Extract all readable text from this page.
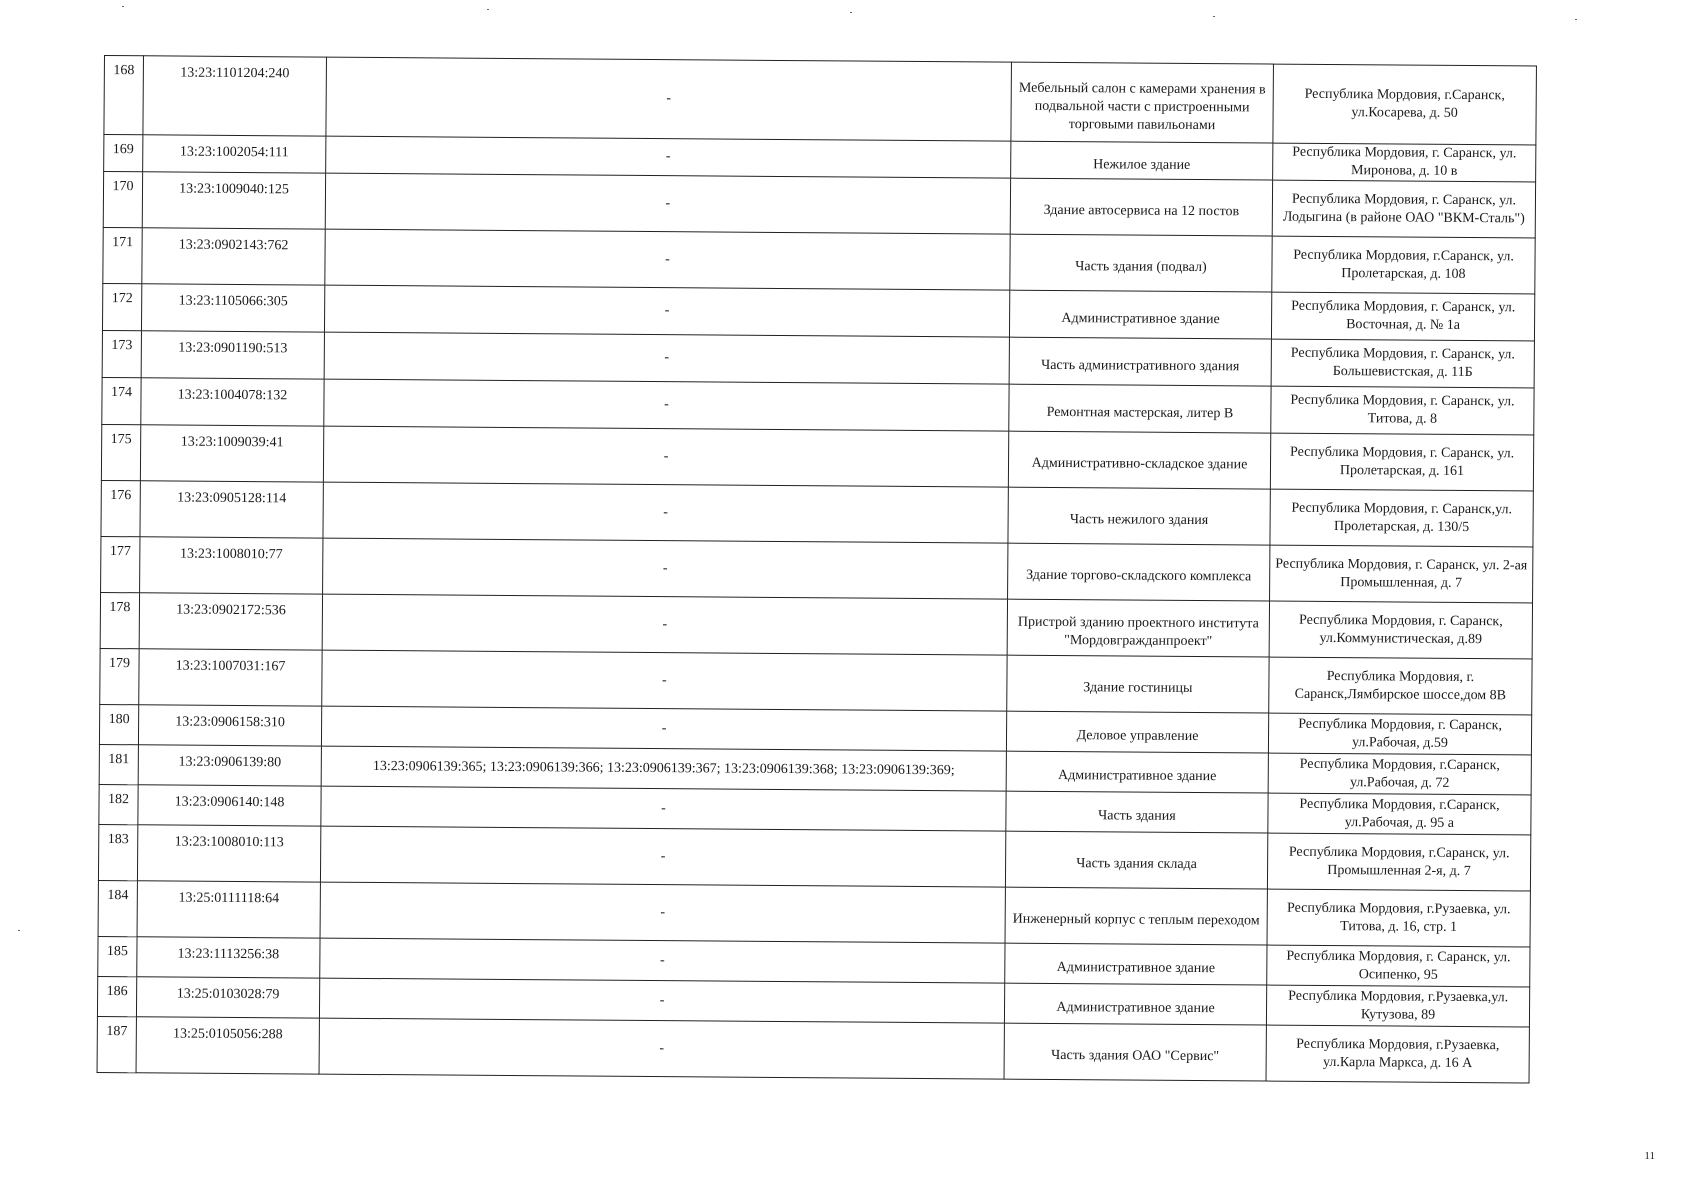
168	13:23:1101204:240	-	Мебельный салон с камерами хранения в подвальной части с пристроенными торговыми павильонами	Республика Мордовия, г.Саранск, ул.Косарева, д. 50
169	13:23:1002054:111	-	Нежилое здание	Республика Мордовия, г. Саранск, ул. Миронова, д. 10 в
170	13:23:1009040:125	-	Здание автосервиса на 12 постов	Республика Мордовия, г. Саранск, ул. Лодыгина (в районе ОАО "ВКМ-Сталь")
171	13:23:0902143:762	-	Часть здания (подвал)	Республика Мордовия, г.Саранск, ул. Пролетарская, д. 108
172	13:23:1105066:305	-	Административное здание	Республика Мордовия, г. Саранск, ул. Восточная, д. № 1а
173	13:23:0901190:513	-	Часть административного здания	Республика Мордовия, г. Саранск, ул. Большевистская, д. 11Б
174	13:23:1004078:132	-	Ремонтная мастерская, литер В	Республика Мордовия, г. Саранск, ул. Титова, д. 8
175	13:23:1009039:41	-	Административно-складское здание	Республика Мордовия, г. Саранск, ул. Пролетарская, д. 161
176	13:23:0905128:114	-	Часть нежилого здания	Республика Мордовия, г. Саранск,ул. Пролетарская, д. 130/5
177	13:23:1008010:77	-	Здание торгово-складского комплекса	Республика Мордовия, г. Саранск, ул. 2-ая Промышленная, д. 7
178	13:23:0902172:536	-	Пристрой зданию проектного института "Мордовгражданпроект"	Республика Мордовия, г. Саранск, ул.Коммунистическая, д.89
179	13:23:1007031:167	-	Здание гостиницы	Республика Мордовия, г. Саранск,Лямбирское шоссе,дом 8В
180	13:23:0906158:310	-	Деловое управление	Республика Мордовия, г. Саранск, ул.Рабочая, д.59
181	13:23:0906139:80	13:23:0906139:365; 13:23:0906139:366; 13:23:0906139:367; 13:23:0906139:368; 13:23:0906139:369;	Административное здание	Республика Мордовия, г.Саранск, ул.Рабочая, д. 72
182	13:23:0906140:148	-	Часть здания	Республика Мордовия, г.Саранск, ул.Рабочая, д. 95 а
183	13:23:1008010:113	-	Часть здания склада	Республика Мордовия, г.Саранск, ул. Промышленная 2-я, д. 7
184	13:25:0111118:64	-	Инженерный корпус с теплым переходом	Республика Мордовия, г.Рузаевка, ул. Титова, д. 16, стр. 1
185	13:23:1113256:38	-	Административное здание	Республика Мордовия, г. Саранск, ул. Осипенко, 95
186	13:25:0103028:79	-	Административное здание	Республика Мордовия, г.Рузаевка,ул. Кутузова, 89
187	13:25:0105056:288	-	Часть здания ОАО "Сервис"	Республика Мордовия, г.Рузаевка, ул.Карла Маркса, д. 16 А
11
